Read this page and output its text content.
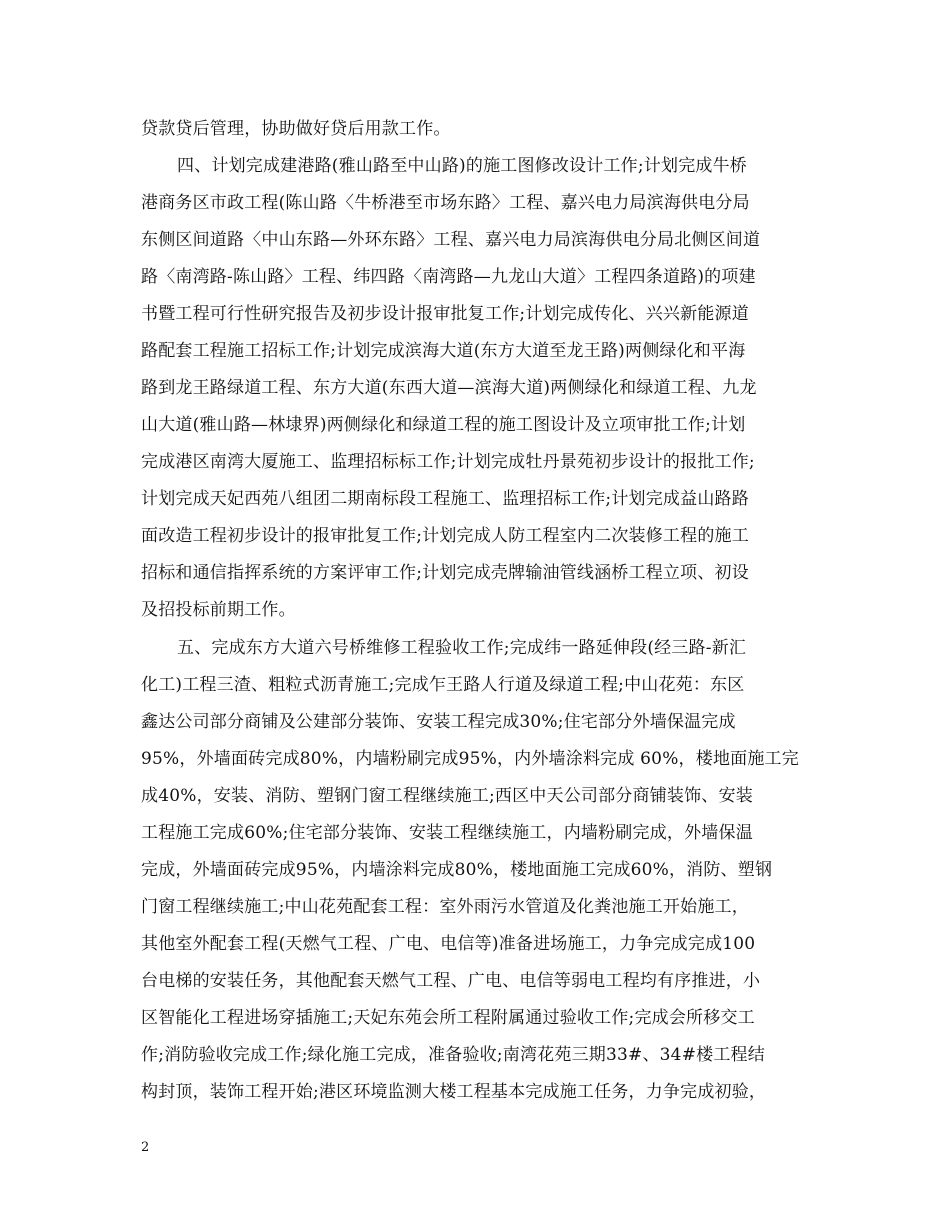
贷款贷后管理，协助做好贷后用款工作。
四、计划完成建港路(雅山路至中山路)的施工图修改设计工作;计划完成牛桥
港商务区市政工程(陈山路〈牛桥港至市场东路〉工程、嘉兴电力局滨海供电分局
东侧区间道路〈中山东路—外环东路〉工程、嘉兴电力局滨海供电分局北侧区间道
路〈南湾路-陈山路〉工程、纬四路〈南湾路—九龙山大道〉工程四条道路)的项建
书暨工程可行性研究报告及初步设计报审批复工作;计划完成传化、兴兴新能源道
路配套工程施工招标工作;计划完成滨海大道(东方大道至龙王路)两侧绿化和平海
路到龙王路绿道工程、东方大道(东西大道—滨海大道)两侧绿化和绿道工程、九龙
山大道(雅山路—林埭界)两侧绿化和绿道工程的施工图设计及立项审批工作;计划
完成港区南湾大厦施工、监理招标标工作;计划完成牡丹景苑初步设计的报批工作;
计划完成天妃西苑八组团二期南标段工程施工、监理招标工作;计划完成益山路路
面改造工程初步设计的报审批复工作;计划完成人防工程室内二次装修工程的施工
招标和通信指挥系统的方案评审工作;计划完成壳牌输油管线涵桥工程立项、初设
及招投标前期工作。
五、完成东方大道六号桥维修工程验收工作;完成纬一路延伸段(经三路-新汇
化工)工程三渣、粗粒式沥青施工;完成乍王路人行道及绿道工程;中山花苑：东区
鑫达公司部分商铺及公建部分装饰、安装工程完成30%;住宅部分外墙保温完成
95%，外墙面砖完成80%，内墙粉刷完成95%，内外墙涂料完成 60%，楼地面施工完
成40%，安装、消防、塑钢门窗工程继续施工;西区中天公司部分商铺装饰、安装
工程施工完成60%;住宅部分装饰、安装工程继续施工，内墙粉刷完成，外墙保温
完成，外墙面砖完成95%，内墙涂料完成80%，楼地面施工完成60%，消防、塑钢
门窗工程继续施工;中山花苑配套工程：室外雨污水管道及化粪池施工开始施工，
其他室外配套工程(天燃气工程、广电、电信等)准备进场施工，力争完成完成100
台电梯的安装任务，其他配套天燃气工程、广电、电信等弱电工程均有序推进，小
区智能化工程进场穿插施工;天妃东苑会所工程附属通过验收工作;完成会所移交工
作;消防验收完成工作;绿化施工完成，准备验收;南湾花苑三期33#、34#楼工程结
构封顶，装饰工程开始;港区环境监测大楼工程基本完成施工任务，力争完成初验，
2
